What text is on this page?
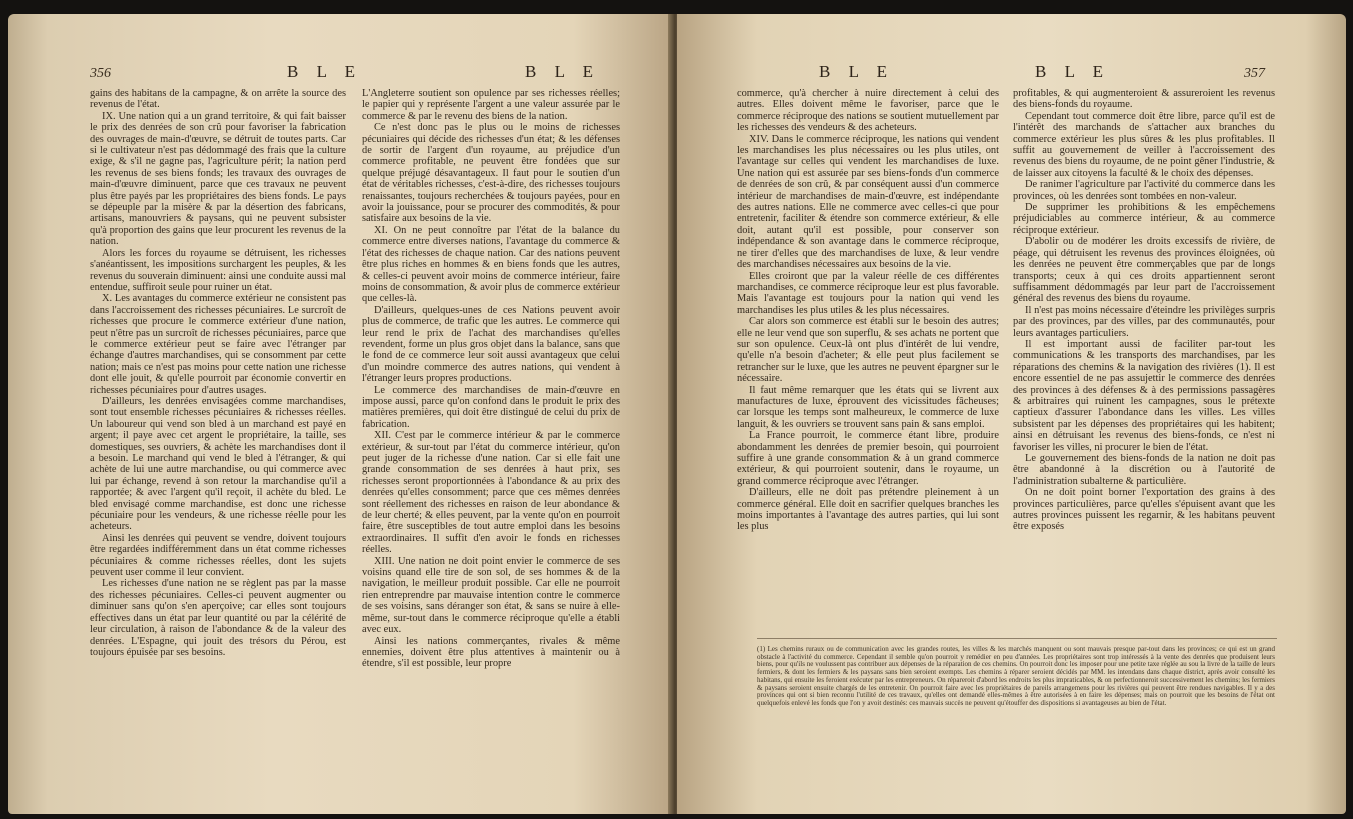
356	B L E	B L E

gains des habitans de la campagne, & on arrête la source des revenus de l'état.

IX. Une nation qui a un grand territoire, & qui fait baisser le prix des denrées de son crû pour favoriser la fabrication des ouvrages de main-d'œuvre, se détruit de toutes parts. Car si le cultivateur n'est pas dédommagé des frais que la culture exige, & s'il ne gagne pas, l'agriculture périt; la nation perd les revenus de ses biens fonds; les travaux des ouvrages de main-d'œuvre diminuent, parce que ces travaux ne peuvent plus être payés par les propriétaires des biens fonds. Le pays se dépeuple par la misère & par la désertion des fabricans, artisans, manouvriers & paysans, qui ne peuvent subsister qu'à proportion des gains que leur procurent les revenus de la nation.

Alors les forces du royaume se détruisent, les richesses s'anéantissent, les impositions surchargent les peuples, & les revenus du souverain diminuent: ainsi une conduite aussi mal entendue, suffiroit seule pour ruiner un état.

X. Les avantages du commerce extérieur ne consistent pas dans l'accroissement des richesses pécuniaires. Le surcroît de richesses que procure le commerce extérieur d'une nation, peut n'être pas un surcroît de richesses pécuniaires, parce que le commerce extérieur peut se faire avec l'étranger par échange d'autres marchandises, qui se consomment par cette nation; mais ce n'est pas moins pour cette nation une richesse dont elle jouit, & qu'elle pourroit par économie convertir en richesses pécuniaires pour d'autres usages.

D'ailleurs, les denrées envisagées comme marchandises, sont tout ensemble richesses pécuniaires & richesses réelles. Un laboureur qui vend son bled à un marchand est payé en argent; il paye avec cet argent le propriétaire, la taille, ses domestiques, ses ouvriers, & achète les marchandises dont il a besoin. Le marchand qui vend le bled à l'étranger, & qui achète de lui une autre marchandise, ou qui commerce avec lui par échange, revend à son retour la marchandise qu'il a rapportée; & avec l'argent qu'il reçoit, il achète du bled. Le bled envisagé comme marchandise, est donc une richesse pécuniaire pour les vendeurs, & une richesse réelle pour les acheteurs.

Ainsi les denrées qui peuvent se vendre, doivent toujours être regardées indifféremment dans un état comme richesses pécuniaires & comme richesses réelles, dont les sujets peuvent user comme il leur convient.

Les richesses d'une nation ne se règlent pas par la masse des richesses pécuniaires. Celles-ci peuvent augmenter ou diminuer sans qu'on s'en aperçoive; car elles sont toujours effectives dans un état par leur quantité ou par la célérité de leur circulation, à raison de l'abondance & de la valeur des denrées. L'Espagne, qui jouit des trésors du Pérou, est toujours épuisée par ses besoins.

L'Angleterre soutient son opulence par ses richesses réelles; le papier qui y représente l'argent a une valeur assurée par le commerce & par le revenu des biens de la nation.

Ce n'est donc pas le plus ou le moins de richesses pécuniaires qui décide des richesses d'un état; & les défenses de sortir de l'argent d'un royaume, au préjudice d'un commerce profitable, ne peuvent être fondées que sur quelque préjugé désavantageux. Il faut pour le soutien d'un état de véritables richesses, c'est-à-dire, des richesses toujours renaissantes, toujours recherchées & toujours payées, pour en avoir la jouissance, pour se procurer des commodités, & pour satisfaire aux besoins de la vie.

XI. On ne peut connoître par l'état de la balance du commerce entre diverses nations, l'avantage du commerce & l'état des richesses de chaque nation. Car des nations peuvent être plus riches en hommes & en biens fonds que les autres, & celles-ci peuvent avoir moins de commerce intérieur, faire moins de consommation, & avoir plus de commerce extérieur que celles-là.

D'ailleurs, quelques-unes de ces Nations peuvent avoir plus de commerce, de trafic que les autres. Le commerce qui leur rend le prix de l'achat des marchandises qu'elles revendent, forme un plus gros objet dans la balance, sans que le fond de ce commerce leur soit aussi avantageux que celui d'un moindre commerce des autres nations, qui vendent à l'étranger leurs propres productions.

Le commerce des marchandises de main-d'œuvre en impose aussi, parce qu'on confond dans le produit le prix des matières premières, qui doit être distingué de celui du prix de fabrication.

XII. C'est par le commerce intérieur & par le commerce extérieur, & sur-tout par l'état du commerce intérieur, qu'on peut juger de la richesse d'une nation. Car si elle fait une grande consommation de ses denrées à haut prix, ses richesses seront proportionnées à l'abondance & au prix des denrées qu'elles consomment; parce que ces mêmes denrées sont réellement des richesses en raison de leur abondance & de leur cherté; & elles peuvent, par la vente qu'on en pourroit faire, être susceptibles de tout autre emploi dans les besoins extraordinaires. Il suffit d'en avoir le fonds en richesses réelles.

XIII. Une nation ne doit point envier le commerce de ses voisins quand elle tire de son sol, de ses hommes & de la navigation, le meilleur produit possible. Car elle ne pourroit rien entreprendre par mauvaise intention contre le commerce de ses voisins, sans déranger son état, & sans se nuire à elle-même, sur-tout dans le commerce réciproque qu'elle a établi avec eux.

Ainsi les nations commerçantes, rivales & même ennemies, doivent être plus attentives à maintenir ou à étendre, s'il est possible, leur propre

B L E	B L E	357

commerce, qu'à chercher à nuire directement à celui des autres. Elles doivent même le favoriser, parce que le commerce réciproque des nations se soutient mutuellement par les richesses des vendeurs & des acheteurs.

XIV. Dans le commerce réciproque, les nations qui vendent les marchandises les plus nécessaires ou les plus utiles, ont l'avantage sur celles qui vendent les marchandises de luxe. Une nation qui est assurée par ses biens-fonds d'un commerce de denrées de son crû, & par conséquent aussi d'un commerce intérieur de marchandises de main-d'œuvre, est indépendante des autres nations. Elle ne commerce avec celles-ci que pour entretenir, faciliter & étendre son commerce extérieur, & elle doit, autant qu'il est possible, pour conserver son indépendance & son avantage dans le commerce réciproque, ne tirer d'elles que des marchandises de luxe, & leur vendre des marchandises nécessaires aux besoins de la vie.

Elles croiront que par la valeur réelle de ces différentes marchandises, ce commerce réciproque leur est plus favorable. Mais l'avantage est toujours pour la nation qui vend les marchandises les plus utiles & les plus nécessaires.

Car alors son commerce est établi sur le besoin des autres; elle ne leur vend que son superflu, & ses achats ne portent que sur son opulence. Ceux-là ont plus d'intérêt de lui vendre, qu'elle n'a besoin d'acheter; & elle peut plus facilement se retrancher sur le luxe, que les autres ne peuvent épargner sur le nécessaire.

Il faut même remarquer que les états qui se livrent aux manufactures de luxe, éprouvent des vicissitudes fâcheuses; car lorsque les temps sont malheureux, le commerce de luxe languit, & les ouvriers se trouvent sans pain & sans emploi.

La France pourroit, le commerce étant libre, produire abondamment les denrées de premier besoin, qui pourroient suffire à une grande consommation & à un grand commerce extérieur, & qui pourroient soutenir, dans le royaume, un grand commerce réciproque avec l'étranger.

D'ailleurs, elle ne doit pas prétendre pleinement à un commerce général. Elle doit en sacrifier quelques branches les moins importantes à l'avantage des autres parties, qui lui sont les plus

profitables, & qui augmenteroient & assureroient les revenus des biens-fonds du royaume.

Cependant tout commerce doit être libre, parce qu'il est de l'intérêt des marchands de s'attacher aux branches du commerce extérieur les plus sûres & les plus profitables. Il suffit au gouvernement de veiller à l'accroissement des revenus des biens du royaume, de ne point gêner l'industrie, & de laisser aux citoyens la faculté & le choix des dépenses.

De ranimer l'agriculture par l'activité du commerce dans les provinces, où les denrées sont tombées en non-valeur.

De supprimer les prohibitions & les empêchemens préjudiciables au commerce intérieur, & au commerce réciproque extérieur.

D'abolir ou de modérer les droits excessifs de rivière, de péage, qui détruisent les revenus des provinces éloignées, où les denrées ne peuvent être commerçables que par de longs transports; ceux à qui ces droits appartiennent seront suffisamment dédommagés par leur part de l'accroissement général des revenus des biens du royaume.

Il n'est pas moins nécessaire d'éteindre les privilèges surpris par des provinces, par des villes, par des communautés, pour leurs avantages particuliers.

Il est important aussi de faciliter par-tout les communications & les transports des marchandises, par les réparations des chemins & la navigation des rivières (1). Il est encore essentiel de ne pas assujettir le commerce des denrées des provinces à des défenses & à des permissions passagères & arbitraires qui ruinent les campagnes, sous le prétexte captieux d'assurer l'abondance dans les villes. Les villes subsistent par les dépenses des propriétaires qui les habitent; ainsi en détruisant les revenus des biens-fonds, ce n'est ni favoriser les villes, ni procurer le bien de l'état.

Le gouvernement des biens-fonds de la nation ne doit pas être abandonné à la discrétion ou à l'autorité de l'administration subalterne & particulière.

On ne doit point borner l'exportation des grains à des provinces particulières, parce qu'elles s'épuisent avant que les autres provinces puissent les regarnir, & les habitans peuvent être exposés

(1) Les chemins ruraux ou de communication avec les grandes routes, les villes & les marchés manquent ou sont mauvais presque par-tout dans les provinces; ce qui est un grand obstacle à l'activité du commerce. Cependant il semble qu'on pourroit y remédier en peu d'années. Les propriétaires sont trop intéressés à la vente des denrées que produisent leurs biens, pour qu'ils ne voulussent pas contribuer aux dépenses de la réparation de ces chemins. On pourroit donc les imposer pour une petite taxe réglée au sou la livre de la taille de leurs fermiers, & dont les fermiers & les paysans sans bien seroient exempts. Les chemins à réparer seroient décidés par MM. les intendans dans chaque district, après avoir consulté les habitans, qui ensuite les feroient exécuter par les entrepreneurs. On répareroit d'abord les endroits les plus impraticables, & on perfectionneroit successivement les chemins; les fermiers & paysans seroient ensuite chargés de les entretenir. On pourroit faire avec les propriétaires de pareils arrangemens pour les rivières qui peuvent être rendues navigables. Il y a des provinces qui ont si bien reconnu l'utilité de ces travaux, qu'elles ont demandé elles-mêmes à être autorisées à en faire les dépenses; mais on pourroit que les besoins de l'état ont quelquefois enlevé les fonds que l'on y avoit destinés: ces mauvais succès ne peuvent qu'étouffer des dispositions si avantageuses au bien de l'état.
